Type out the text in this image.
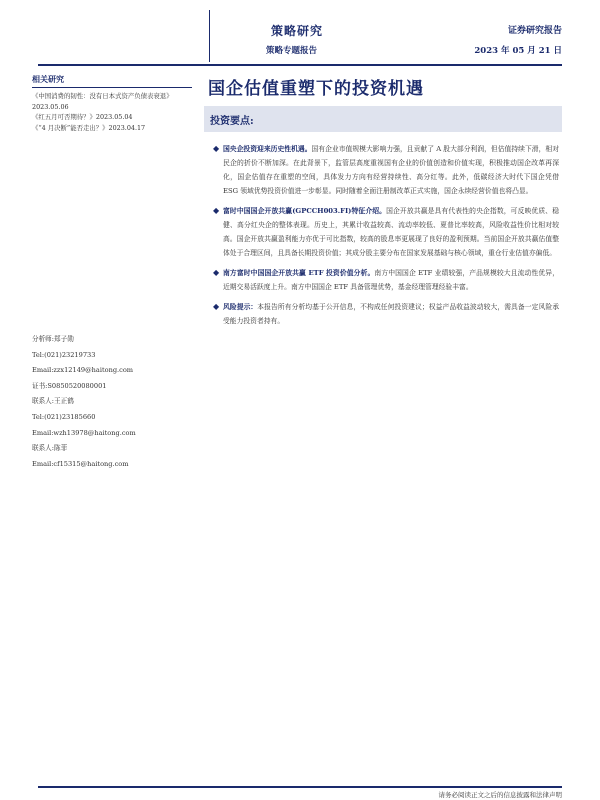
策略研究
策略专题报告
证券研究报告
2023 年 05 月 21 日
相关研究
《中国消费的韧性：没有日本式资产负债表衰退》2023.05.06
《红五月可否期待？》2023.05.04
《“4 月决断”能否走出？》2023.04.17
分析师:郑子勋
Tel:(021)23219733
Email:zzx12149@haitong.com
证书:S0850520080001
联系人:王正鹤
Tel:(021)23185660
Email:wzh13978@haitong.com
联系人:陈菲
Email:cf15315@haitong.com
国企估值重塑下的投资机遇
投资要点:
◆ 国央企投资迎来历史性机遇。国有企业市值规模大影响力强，且贡献了 A 股大部分利润，但估值持续下滑，相对民企的折价不断加深。在此背景下，监管层高度重视国有企业的价值创造和价值实现，积极推动国企改革再深化，国企估值存在重塑的空间，具体发力方向有经营持续性、高分红等。此外，低碳经济大时代下国企凭借 ESG 领域优势投资价值进一步彰显。同时随着全面注册制改革正式实施，国企永续经营价值也将凸显。
◆ 富时中国国企开放共赢(GPCCH003.FI)特征介绍。国企开放共赢是具有代表性的央企指数，可反映优质、稳健、高分红央企的整体表现。历史上，其累计收益较高、流动率较低、夏普比率较高，风险收益性价比相对较高。国企开放共赢盈利能力亦优于可比指数，较高的股息率更展现了良好的盈利预期。当前国企开放共赢估值整体处于合理区间，且具备长期投资价值；其成分股主要分布在国家发展基础与核心领域，重仓行业估值亦偏低。
◆ 南方富时中国国企开放共赢 ETF 投资价值分析。南方中国国企 ETF 业绩较强，产品规模较大且流动性优异，近期交易活跃度上升。南方中国国企 ETF 具备管理优势，基金经理管理经验丰富。
◆ 风险提示：本报告所有分析均基于公开信息，不构成任何投资建议；权益产品收益波动较大，需具备一定风险承受能力投资者持有。
请务必阅读正文之后的信息披露和法律声明
